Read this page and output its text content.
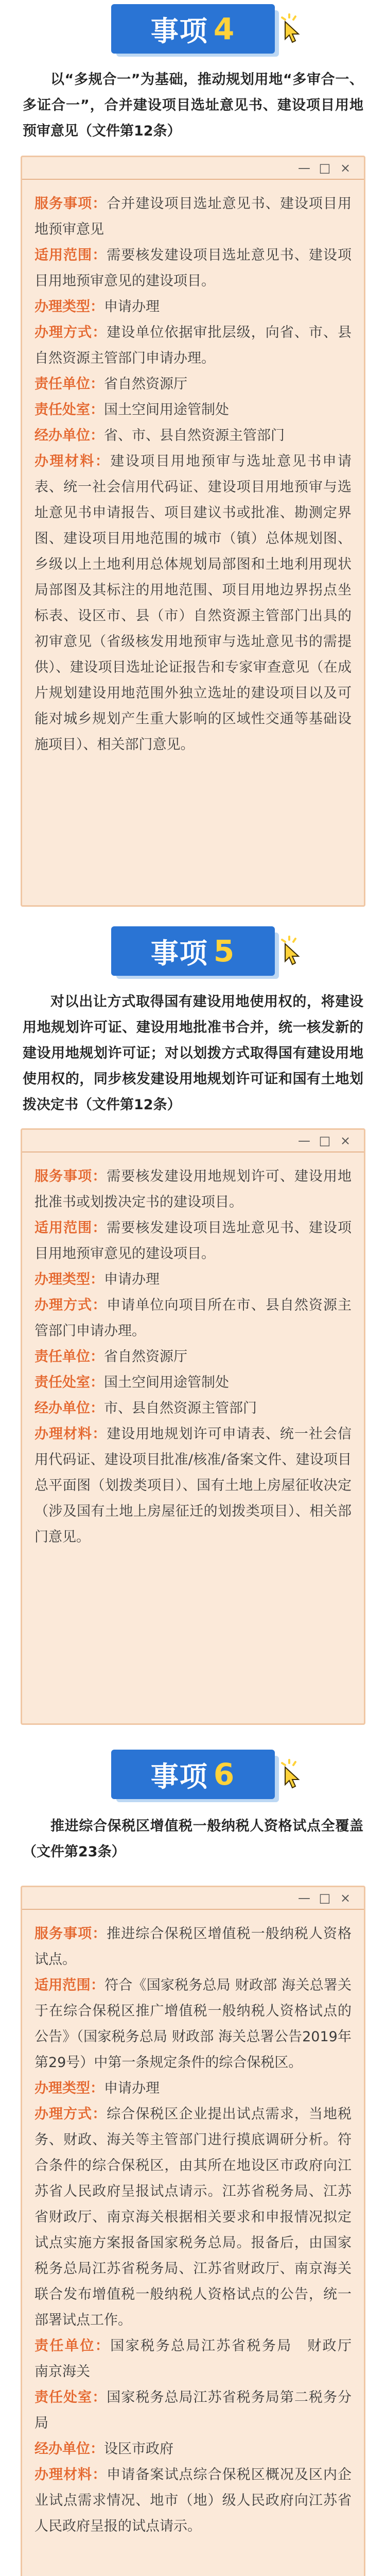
事项 4

以“多规合一”为基础，推动规划用地“多审合一、多证合一”，合并建设项目选址意见书、建设项目用地预审意见（文件第12条）

— □ ×

服务事项：合并建设项目选址意见书、建设项目用地预审意见

适用范围：需要核发建设项目选址意见书、建设项目用地预审意见的建设项目。

办理类型：申请办理

办理方式：建设单位依据审批层级，向省、市、县自然资源主管部门申请办理。

责任单位：省自然资源厅

责任处室：国土空间用途管制处

经办单位：省、市、县自然资源主管部门

办理材料：建设项目用地预审与选址意见书申请表、统一社会信用代码证、建设项目用地预审与选址意见书申请报告、项目建议书或批准、勘测定界图、建设项目用地范围的城市（镇）总体规划图、乡级以上土地利用总体规划局部图和土地利用现状局部图及其标注的用地范围、项目用地边界拐点坐标表、设区市、县（市）自然资源主管部门出具的初审意见（省级核发用地预审与选址意见书的需提供）、建设项目选址论证报告和专家审查意见（在成片规划建设用地范围外独立选址的建设项目以及可能对城乡规划产生重大影响的区域性交通等基础设施项目）、相关部门意见。

事项 5

对以出让方式取得国有建设用地使用权的，将建设用地规划许可证、建设用地批准书合并，统一核发新的建设用地规划许可证；对以划拨方式取得国有建设用地使用权的，同步核发建设用地规划许可证和国有土地划拨决定书（文件第12条）

— □ ×

服务事项：需要核发建设用地规划许可、建设用地批准书或划拨决定书的建设项目。

适用范围：需要核发建设项目选址意见书、建设项目用地预审意见的建设项目。

办理类型：申请办理

办理方式：申请单位向项目所在市、县自然资源主管部门申请办理。

责任单位：省自然资源厅

责任处室：国土空间用途管制处

经办单位：市、县自然资源主管部门

办理材料：建设用地规划许可申请表、统一社会信用代码证、建设项目批准/核准/备案文件、建设项目总平面图（划拨类项目）、国有土地上房屋征收决定（涉及国有土地上房屋征迁的划拨类项目）、相关部门意见。

事项 6

推进综合保税区增值税一般纳税人资格试点全覆盖（文件第23条）

— □ ×

服务事项：推进综合保税区增值税一般纳税人资格试点。

适用范围：符合《国家税务总局 财政部 海关总署关于在综合保税区推广增值税一般纳税人资格试点的公告》（国家税务总局 财政部 海关总署公告2019年第29号）中第一条规定条件的综合保税区。

办理类型：申请办理

办理方式：综合保税区企业提出试点需求，当地税务、财政、海关等主管部门进行摸底调研分析。符合条件的综合保税区，由其所在地设区市政府向江苏省人民政府呈报试点请示。江苏省税务局、江苏省财政厅、南京海关根据相关要求和申报情况拟定试点实施方案报备国家税务总局。报备后，由国家税务总局江苏省税务局、江苏省财政厅、南京海关联合发布增值税一般纳税人资格试点的公告，统一部署试点工作。

责任单位：国家税务总局江苏省税务局　财政厅　南京海关

责任处室：国家税务总局江苏省税务局第二税务分局

经办单位：设区市政府

办理材料：申请备案试点综合保税区概况及区内企业试点需求情况、地市（地）级人民政府向江苏省人民政府呈报的试点请示。
